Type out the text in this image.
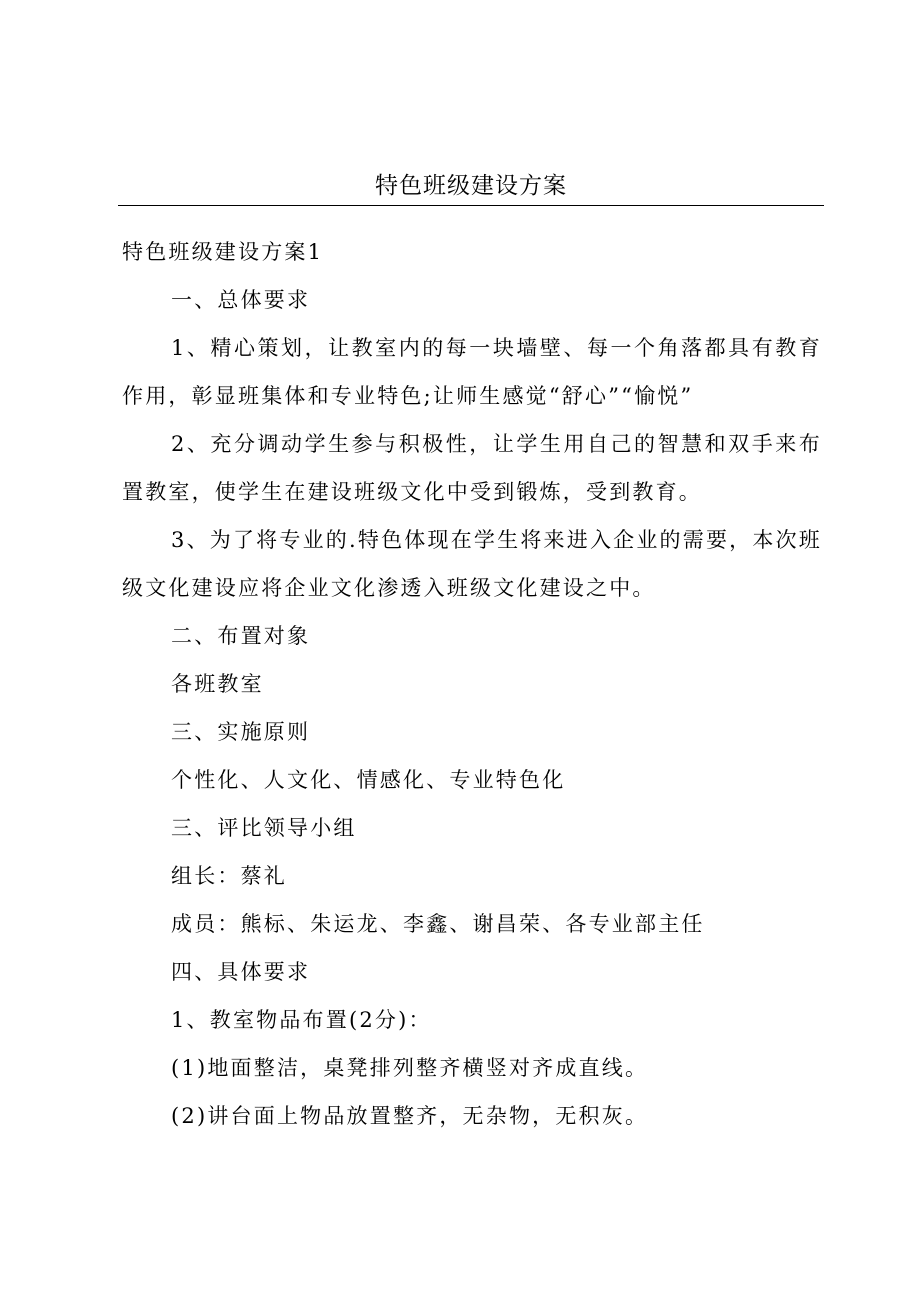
特色班级建设方案

特色班级建设方案1

一、总体要求

1、精心策划，让教室内的每一块墙壁、每一个角落都具有教育作用，彰显班集体和专业特色;让师生感觉“舒心”“愉悦”

2、充分调动学生参与积极性，让学生用自己的智慧和双手来布置教室，使学生在建设班级文化中受到锻炼，受到教育。

3、为了将专业的.特色体现在学生将来进入企业的需要，本次班级文化建设应将企业文化渗透入班级文化建设之中。

二、布置对象

各班教室

三、实施原则

个性化、人文化、情感化、专业特色化

三、评比领导小组

组长：蔡礼

成员：熊标、朱运龙、李鑫、谢昌荣、各专业部主任

四、具体要求

1、教室物品布置(2分)：

(1)地面整洁，桌凳排列整齐横竖对齐成直线。

(2)讲台面上物品放置整齐，无杂物，无积灰。
